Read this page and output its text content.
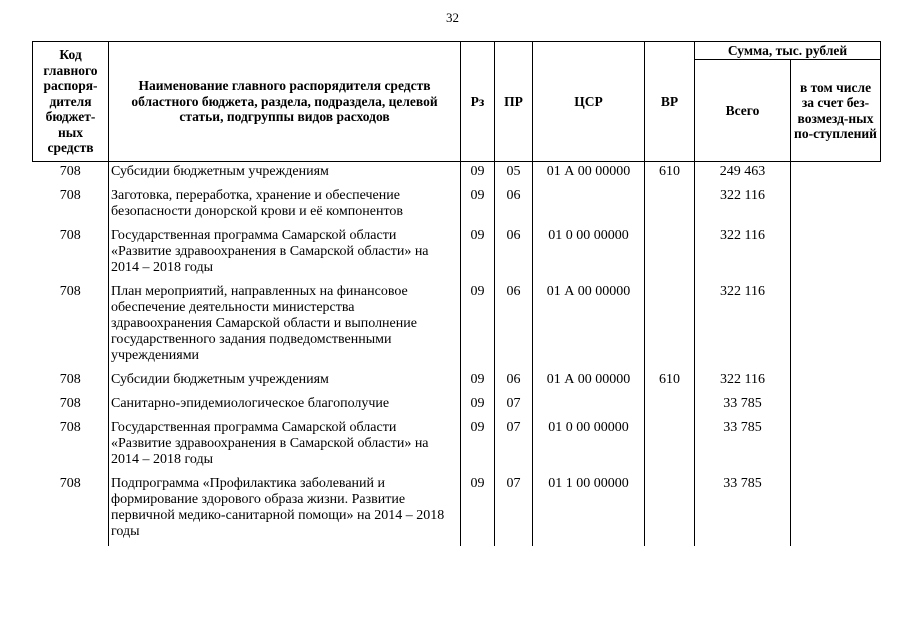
32
Код главного распоря-дителя бюджет-ных средств	Наименование главного распорядителя средств областного бюджета, раздела, подраздела, целевой статьи, подгруппы видов расходов	Рз	ПР	ЦСР	ВР	Сумма, тыс. рублей	
						Всего	в том числе за счет без-возмезд-ных по-ступлений
708	Субсидии бюджетным учреждениям	09	05	01 А 00 00000	610	249 463	
708	Заготовка, переработка, хранение и обеспечение безопасности донорской крови и её компонентов	09	06			322 116	
708	Государственная программа Самарской области «Развитие здравоохранения в Самарской области» на 2014 – 2018 годы	09	06	01 0 00 00000		322 116	
708	План мероприятий, направленных на финансовое обеспечение деятельности министерства здравоохранения Самарской области и выполнение государственного задания подведомственными учреждениями	09	06	01 А 00 00000		322 116	
708	Субсидии бюджетным учреждениям	09	06	01 А 00 00000	610	322 116	
708	Санитарно-эпидемиологическое благополучие	09	07			33 785	
708	Государственная программа Самарской области «Развитие здравоохранения в Самарской области» на 2014 – 2018 годы	09	07	01 0 00 00000		33 785	
708	Подпрограмма «Профилактика заболеваний и формирование здорового образа жизни. Развитие первичной медико-санитарной помощи» на 2014 – 2018 годы	09	07	01 1 00 00000		33 785	
